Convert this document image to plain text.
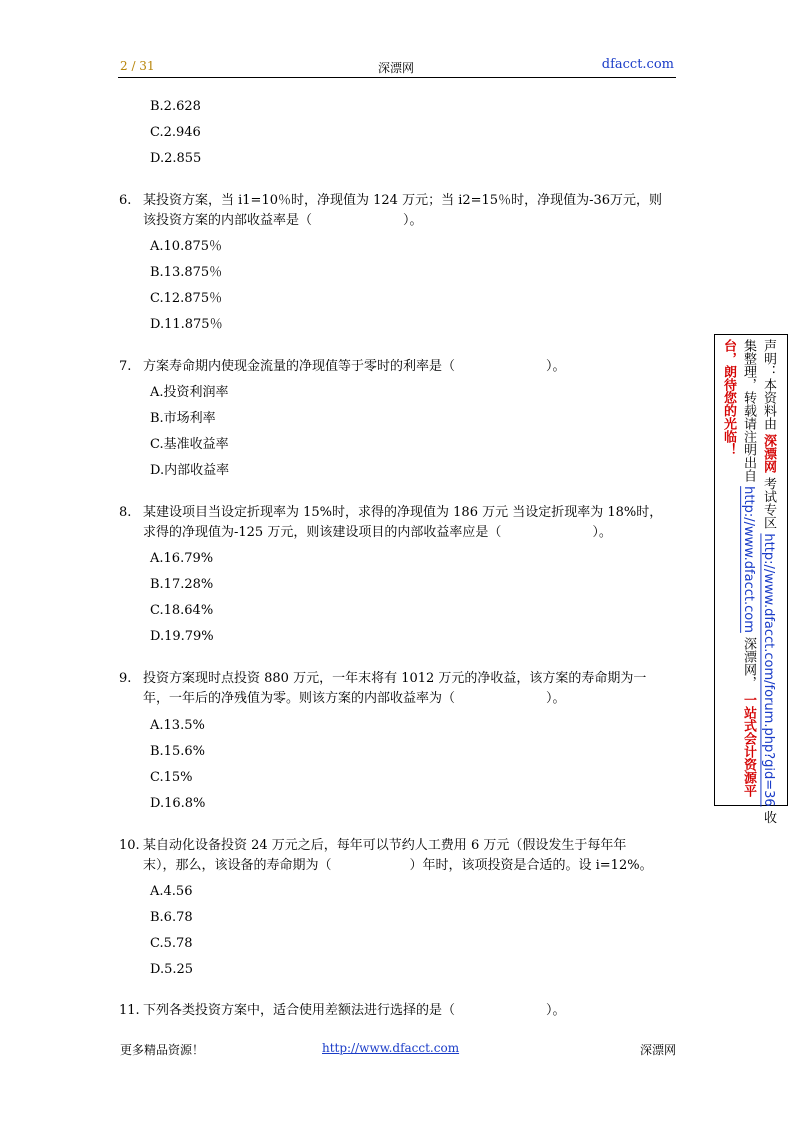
2 / 31	深漂网	dfacct.com
B.2.628
C.2.946
D.2.855
6. 某投资方案，当 i1=10％时，净现值为 124 万元；当 i2=15％时，净现值为-36万元，则
该投资方案的内部收益率是（　　　　　　　）。
A.10.875％
B.13.875％
C.12.875％
D.11.875％
7. 方案寿命期内使现金流量的净现值等于零时的利率是（　　　　　　　）。
A.投资利润率
B.市场利率
C.基准收益率
D.内部收益率
8. 某建设项目当设定折现率为 15%时，求得的净现值为 186 万元 当设定折现率为 18%时，
求得的净现值为-125 万元，则该建设项目的内部收益率应是（　　　　　　　）。
A.16.79%
B.17.28%
C.18.64%
D.19.79%
9. 投资方案现时点投资 880 万元，一年末将有 1012 万元的净收益，该方案的寿命期为一
年，一年后的净残值为零。则该方案的内部收益率为（　　　　　　　）。
A.13.5%
B.15.6%
C.15%
D.16.8%
10. 某自动化设备投资 24 万元之后，每年可以节约人工费用 6 万元（假设发生于每年年
末），那么，该设备的寿命期为（　　　　　　）年时，该项投资是合适的。设 i=12%。
A.4.56
B.6.78
C.5.78
D.5.25
11. 下列各类投资方案中，适合使用差额法进行选择的是（　　　　　　　）。
更多精品资源！	http://www.dfacct.com	深漂网
声明：本资料由 深漂网 考试专区 http://www.dfacct.com/forum.php?gid=36 收
集整理，转载请注明出自 http://www.dfacct.com 深漂网， 一站式会计资源平
台，朗待您的光临！
